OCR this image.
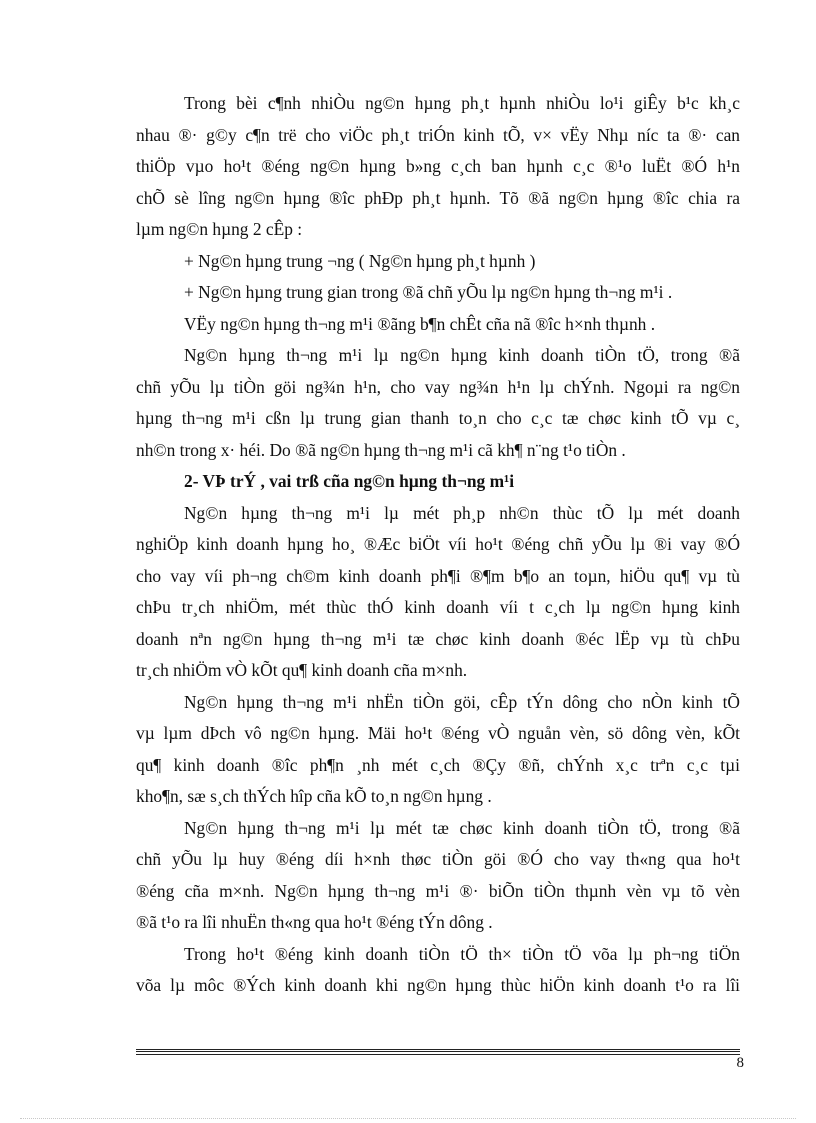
Trong bèi c¶nh nhiÒu ng©n hµng ph¸t hµnh nhiÒu lo¹i giÊy b¹c kh¸c
nhau ®· g©y c¶n trë cho viÖc ph¸t triÓn kinh tÕ, v× vËy Nhµ níc ta ®· can
thiÖp vµo ho¹t ®éng ng©n hµng b»ng c¸ch ban hµnh c¸c ®¹o luËt ®Ó h¹n
chÕ sè lîng ng©n hµng ®îc phÐp ph¸t hµnh. Tõ ®ã ng©n hµng ®îc chia ra
lµm ng©n hµng 2 cÊp :
+ Ng©n hµng trung ¬ng ( Ng©n hµng ph¸t hµnh )
+ Ng©n hµng trung gian trong ®ã chñ yÕu lµ ng©n hµng th¬ng m¹i .
VËy ng©n hµng th¬ng m¹i ®ãng b¶n chÊt cña nã ®îc h×nh thµnh .
Ng©n hµng th¬ng m¹i lµ ng©n hµng kinh doanh tiÒn tÖ, trong ®ã
chñ yÕu lµ tiÒn göi ng¾n h¹n, cho vay ng¾n h¹n lµ chÝnh. Ngoµi ra ng©n
hµng th¬ng m¹i cßn lµ trung gian thanh to¸n cho c¸c tæ chøc kinh tÕ vµ c¸
nh©n trong x· héi. Do ®ã ng©n hµng th¬ng m¹i cã kh¶ n¨ng t¹o tiÒn .
2- VÞ trÝ , vai trß cña ng©n hµng th¬ng m¹i
Ng©n hµng th¬ng m¹i lµ mét ph¸p nh©n thùc tÕ lµ mét doanh
nghiÖp kinh doanh hµng ho¸ ®Æc biÖt víi ho¹t ®éng chñ yÕu lµ ®i vay ®Ó
cho vay víi ph¬ng ch©m kinh doanh ph¶i ®¶m b¶o an toµn, hiÖu qu¶ vµ tù
chÞu tr¸ch nhiÖm, mét thùc thÓ kinh doanh víi t c¸ch lµ ng©n hµng kinh
doanh nªn ng©n hµng th¬ng m¹i tæ chøc kinh doanh ®éc lËp vµ tù chÞu
tr¸ch nhiÖm vÒ kÕt qu¶ kinh doanh cña m×nh.
Ng©n hµng th¬ng m¹i nhËn tiÒn göi, cÊp tÝn dông cho nÒn kinh tÕ
vµ lµm dÞch vô ng©n hµng. Mäi ho¹t ®éng vÒ nguån vèn, sö dông vèn, kÕt
qu¶ kinh doanh ®îc ph¶n ¸nh mét c¸ch ®Çy ®ñ, chÝnh x¸c trªn c¸c tµi
kho¶n, sæ s¸ch thÝch hîp cña kÕ to¸n ng©n hµng .
Ng©n hµng th¬ng m¹i lµ mét tæ chøc kinh doanh tiÒn tÖ, trong ®ã
chñ yÕu lµ huy ®éng díi h×nh thøc tiÒn göi ®Ó cho vay th«ng qua ho¹t
®éng cña m×nh. Ng©n hµng th¬ng m¹i ®· biÕn tiÒn thµnh vèn vµ tõ vèn
®ã t¹o ra lîi nhuËn th«ng qua ho¹t ®éng tÝn dông .
Trong ho¹t ®éng kinh doanh tiÒn tÖ th× tiÒn tÖ võa lµ ph¬ng tiÖn
võa lµ môc ®Ých kinh doanh khi ng©n hµng thùc hiÖn kinh doanh t¹o ra lîi
8
